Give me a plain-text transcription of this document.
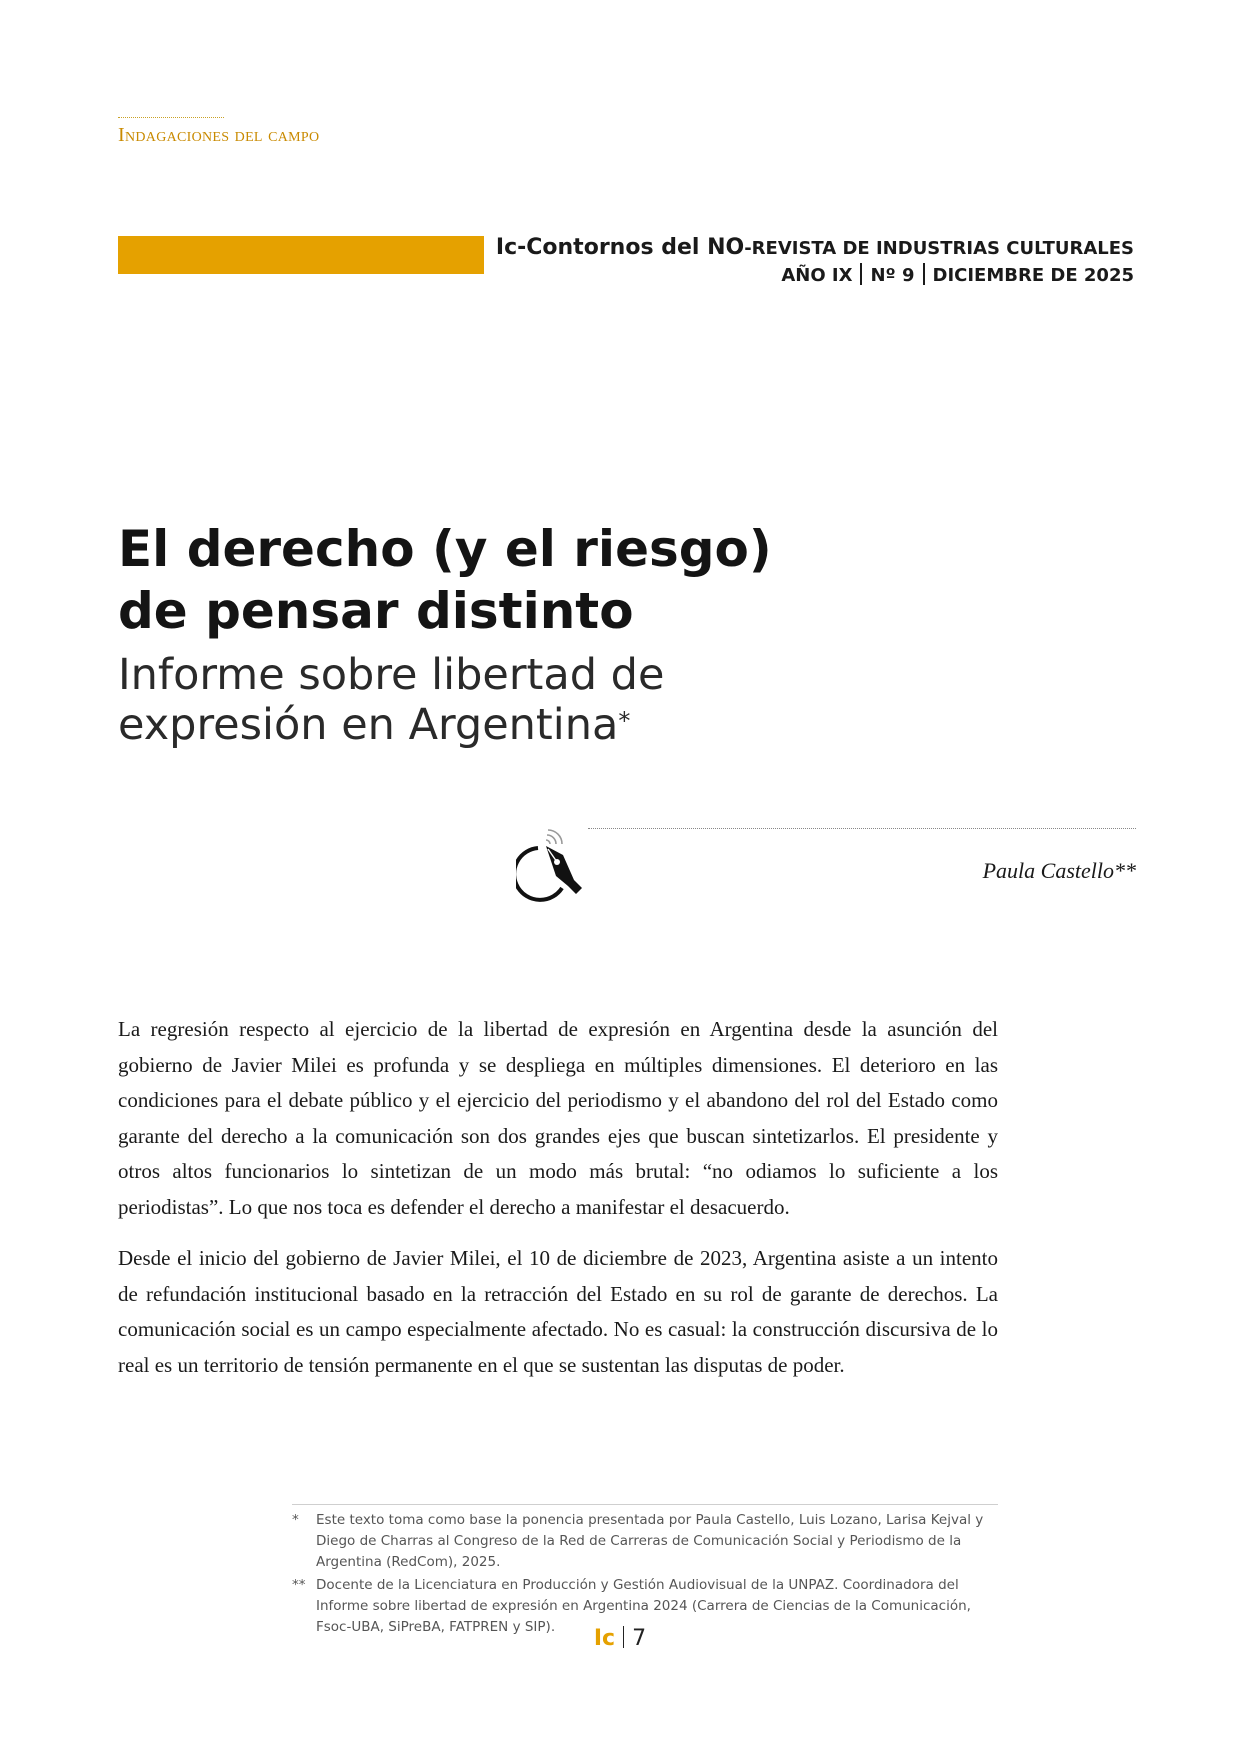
Indagaciones del campo

Ic-Contornos del NO-REVISTA DE INDUSTRIAS CULTURALES
AÑO IX Nº 9 DICIEMBRE DE 2025
El derecho (y el riesgo)
de pensar distinto
Informe sobre libertad de
expresión en Argentina*
Paula Castello**

La regresión respecto al ejercicio de la libertad de expresión en Argentina desde la asunción del gobierno de Javier Milei es profunda y se despliega en múltiples dimensiones. El deterioro en las condiciones para el debate público y el ejercicio del periodismo y el abandono del rol del Estado como garante del derecho a la comunicación son dos grandes ejes que buscan sintetizarlos. El presidente y otros altos funcionarios lo sintetizan de un modo más brutal: “no odiamos lo suficiente a los periodistas”. Lo que nos toca es defender el derecho a manifestar el desacuerdo.

Desde el inicio del gobierno de Javier Milei, el 10 de diciembre de 2023, Argentina asiste a un intento de refundación institucional basado en la retracción del Estado en su rol de garante de derechos. La comunicación social es un campo especialmente afectado. No es casual: la construcción discursiva de lo real es un territorio de tensión permanente en el que se sustentan las disputas de poder.

*	Este texto toma como base la ponencia presentada por Paula Castello, Luis Lozano, Larisa Kejval y Diego de Charras al Congreso de la Red de Carreras de Comunicación Social y Periodismo de la Argentina (RedCom), 2025.
** Docente de la Licenciatura en Producción y Gestión Audiovisual de la UNPAZ. Coordinadora del Informe sobre libertad de expresión en Argentina 2024 (Carrera de Ciencias de la Comunicación, Fsoc-UBA, SiPreBA, FATPREN y SIP).	Ic 7
